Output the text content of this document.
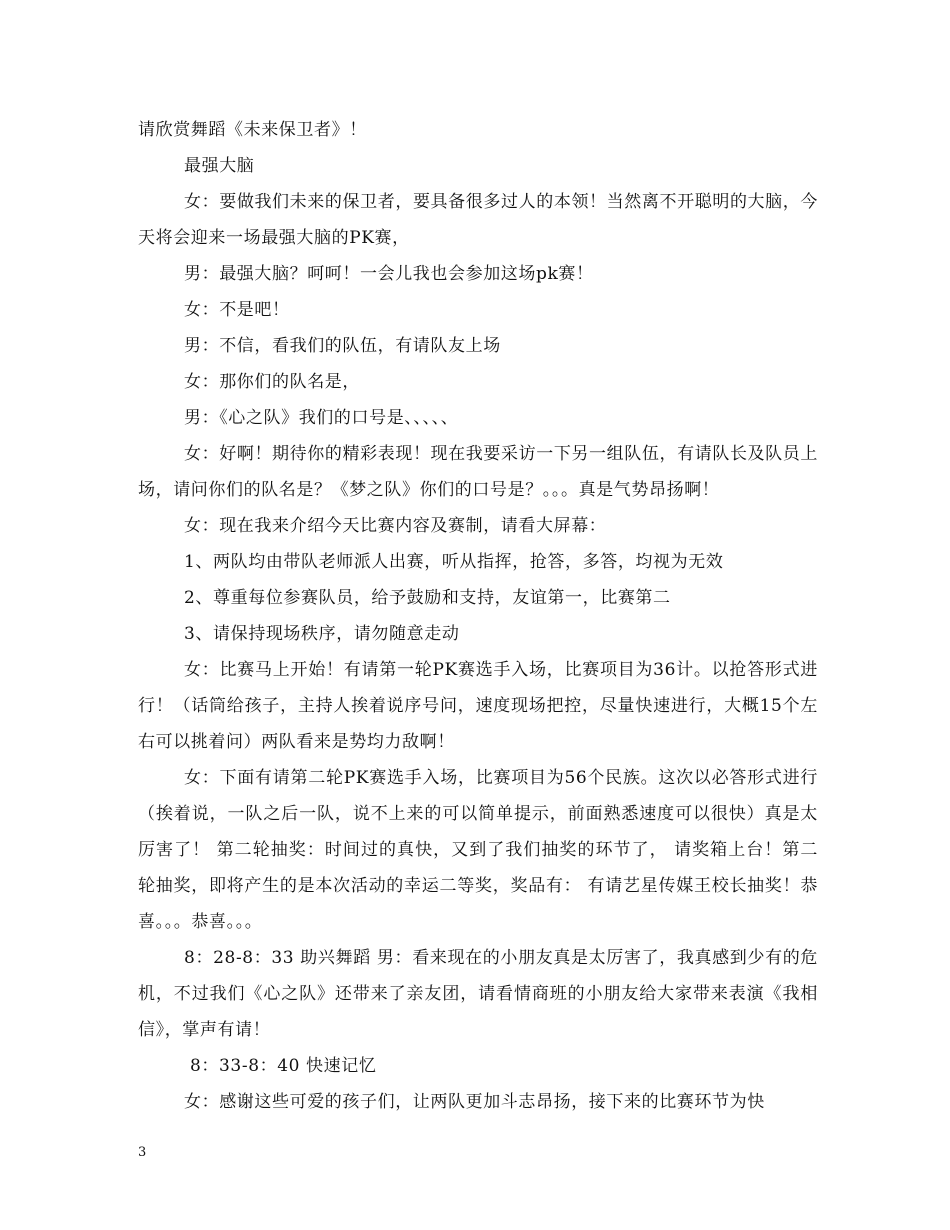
请欣赏舞蹈《未来保卫者》！

最强大脑

女：要做我们未来的保卫者，要具备很多过人的本领！当然离不开聪明的大脑，今天将会迎来一场最强大脑的PK赛，

男：最强大脑？呵呵！一会儿我也会参加这场pk赛！

女：不是吧！

男：不信，看我们的队伍，有请队友上场

女：那你们的队名是，

男：《心之队》我们的口号是、、、、、

女：好啊！期待你的精彩表现！现在我要采访一下另一组队伍，有请队长及队员上场，请问你们的队名是？《梦之队》你们的口号是？。。。真是气势昂扬啊！

女：现在我来介绍今天比赛内容及赛制，请看大屏幕：

1、两队均由带队老师派人出赛，听从指挥，抢答，多答，均视为无效

2、尊重每位参赛队员，给予鼓励和支持，友谊第一，比赛第二

3、请保持现场秩序，请勿随意走动

女：比赛马上开始！有请第一轮PK赛选手入场，比赛项目为36计。以抢答形式进行！（话筒给孩子，主持人挨着说序号问，速度现场把控，尽量快速进行，大概15个左右可以挑着问）两队看来是势均力敌啊！

女：下面有请第二轮PK赛选手入场，比赛项目为56个民族。这次以必答形式进行（挨着说，一队之后一队，说不上来的可以简单提示，前面熟悉速度可以很快）真是太厉害了！ 第二轮抽奖：时间过的真快，又到了我们抽奖的环节了， 请奖箱上台！第二轮抽奖，即将产生的是本次活动的幸运二等奖，奖品有： 有请艺星传媒王校长抽奖！恭喜。。。恭喜。。。

8：28-8：33 助兴舞蹈 男：看来现在的小朋友真是太厉害了，我真感到少有的危机，不过我们《心之队》还带来了亲友团，请看情商班的小朋友给大家带来表演《我相信》，掌声有请！

8：33-8：40 快速记忆

女：感谢这些可爱的孩子们，让两队更加斗志昂扬，接下来的比赛环节为快

3
